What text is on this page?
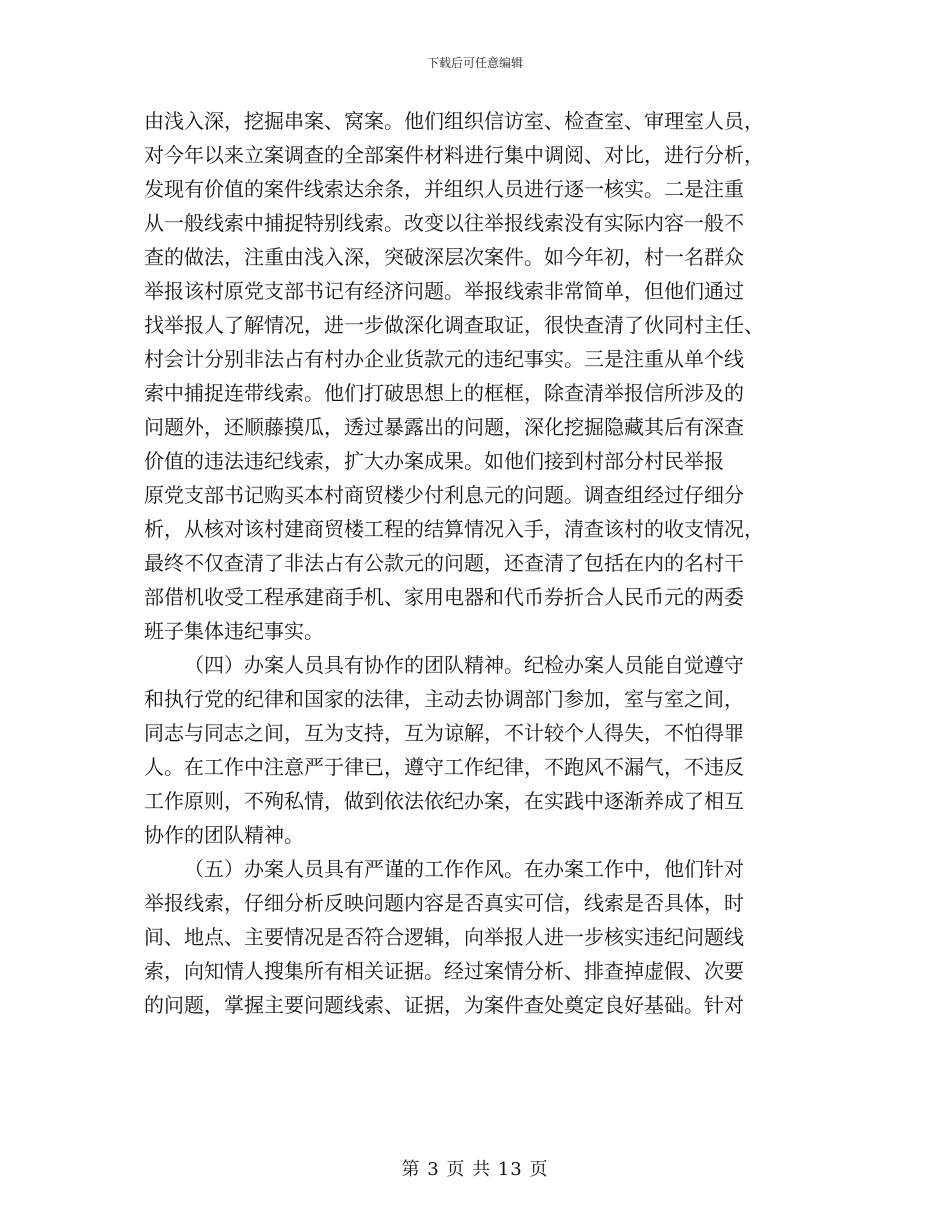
下载后可任意编辑

由浅入深，挖掘串案、窝案。他们组织信访室、检查室、审理室人员，
对今年以来立案调查的全部案件材料进行集中调阅、对比，进行分析，
发现有价值的案件线索达余条，并组织人员进行逐一核实。二是注重
从一般线索中捕捉特别线索。改变以往举报线索没有实际内容一般不
查的做法，注重由浅入深，突破深层次案件。如今年初，村一名群众
举报该村原党支部书记有经济问题。举报线索非常简单，但他们通过
找举报人了解情况，进一步做深化调查取证，很快查清了伙同村主任、
村会计分别非法占有村办企业货款元的违纪事实。三是注重从单个线
索中捕捉连带线索。他们打破思想上的框框，除查清举报信所涉及的
问题外，还顺藤摸瓜，透过暴露出的问题，深化挖掘隐藏其后有深查
价值的违法违纪线索，扩大办案成果。如他们接到村部分村民举报
原党支部书记购买本村商贸楼少付利息元的问题。调查组经过仔细分
析，从核对该村建商贸楼工程的结算情况入手，清查该村的收支情况，
最终不仅查清了非法占有公款元的问题，还查清了包括在内的名村干
部借机收受工程承建商手机、家用电器和代币券折合人民币元的两委
班子集体违纪事实。

（四）办案人员具有协作的团队精神。纪检办案人员能自觉遵守
和执行党的纪律和国家的法律，主动去协调部门参加，室与室之间，
同志与同志之间，互为支持，互为谅解，不计较个人得失，不怕得罪
人。在工作中注意严于律已，遵守工作纪律，不跑风不漏气，不违反
工作原则，不殉私情，做到依法依纪办案，在实践中逐渐养成了相互
协作的团队精神。

（五）办案人员具有严谨的工作作风。在办案工作中，他们针对
举报线索，仔细分析反映问题内容是否真实可信，线索是否具体，时
间、地点、主要情况是否符合逻辑，向举报人进一步核实违纪问题线
索，向知情人搜集所有相关证据。经过案情分析、排查掉虚假、次要
的问题，掌握主要问题线索、证据，为案件查处奠定良好基础。针对

第 3 页 共 13 页
